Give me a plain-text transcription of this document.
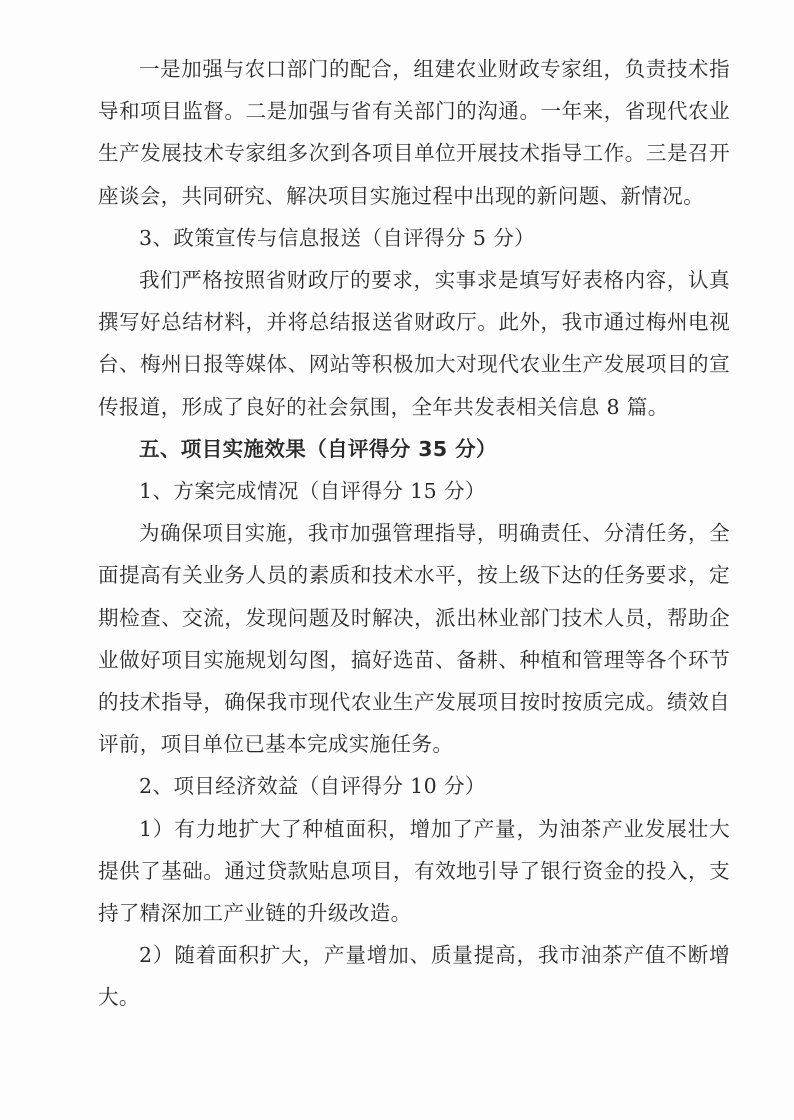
一是加强与农口部门的配合，组建农业财政专家组，负责技术指导和项目监督。二是加强与省有关部门的沟通。一年来，省现代农业生产发展技术专家组多次到各项目单位开展技术指导工作。三是召开座谈会，共同研究、解决项目实施过程中出现的新问题、新情况。

3、政策宣传与信息报送（自评得分 5 分）

我们严格按照省财政厅的要求，实事求是填写好表格内容，认真撰写好总结材料，并将总结报送省财政厅。此外，我市通过梅州电视台、梅州日报等媒体、网站等积极加大对现代农业生产发展项目的宣传报道，形成了良好的社会氛围，全年共发表相关信息 8 篇。

五、项目实施效果（自评得分 35 分）
1、方案完成情况（自评得分 15 分）

为确保项目实施，我市加强管理指导，明确责任、分清任务，全面提高有关业务人员的素质和技术水平，按上级下达的任务要求，定期检查、交流，发现问题及时解决，派出林业部门技术人员，帮助企业做好项目实施规划勾图，搞好选苗、备耕、种植和管理等各个环节的技术指导，确保我市现代农业生产发展项目按时按质完成。绩效自评前，项目单位已基本完成实施任务。

2、项目经济效益（自评得分 10 分）

1）有力地扩大了种植面积，增加了产量，为油茶产业发展壮大提供了基础。通过贷款贴息项目，有效地引导了银行资金的投入，支持了精深加工产业链的升级改造。

2）随着面积扩大，产量增加、质量提高，我市油茶产值不断增大。
